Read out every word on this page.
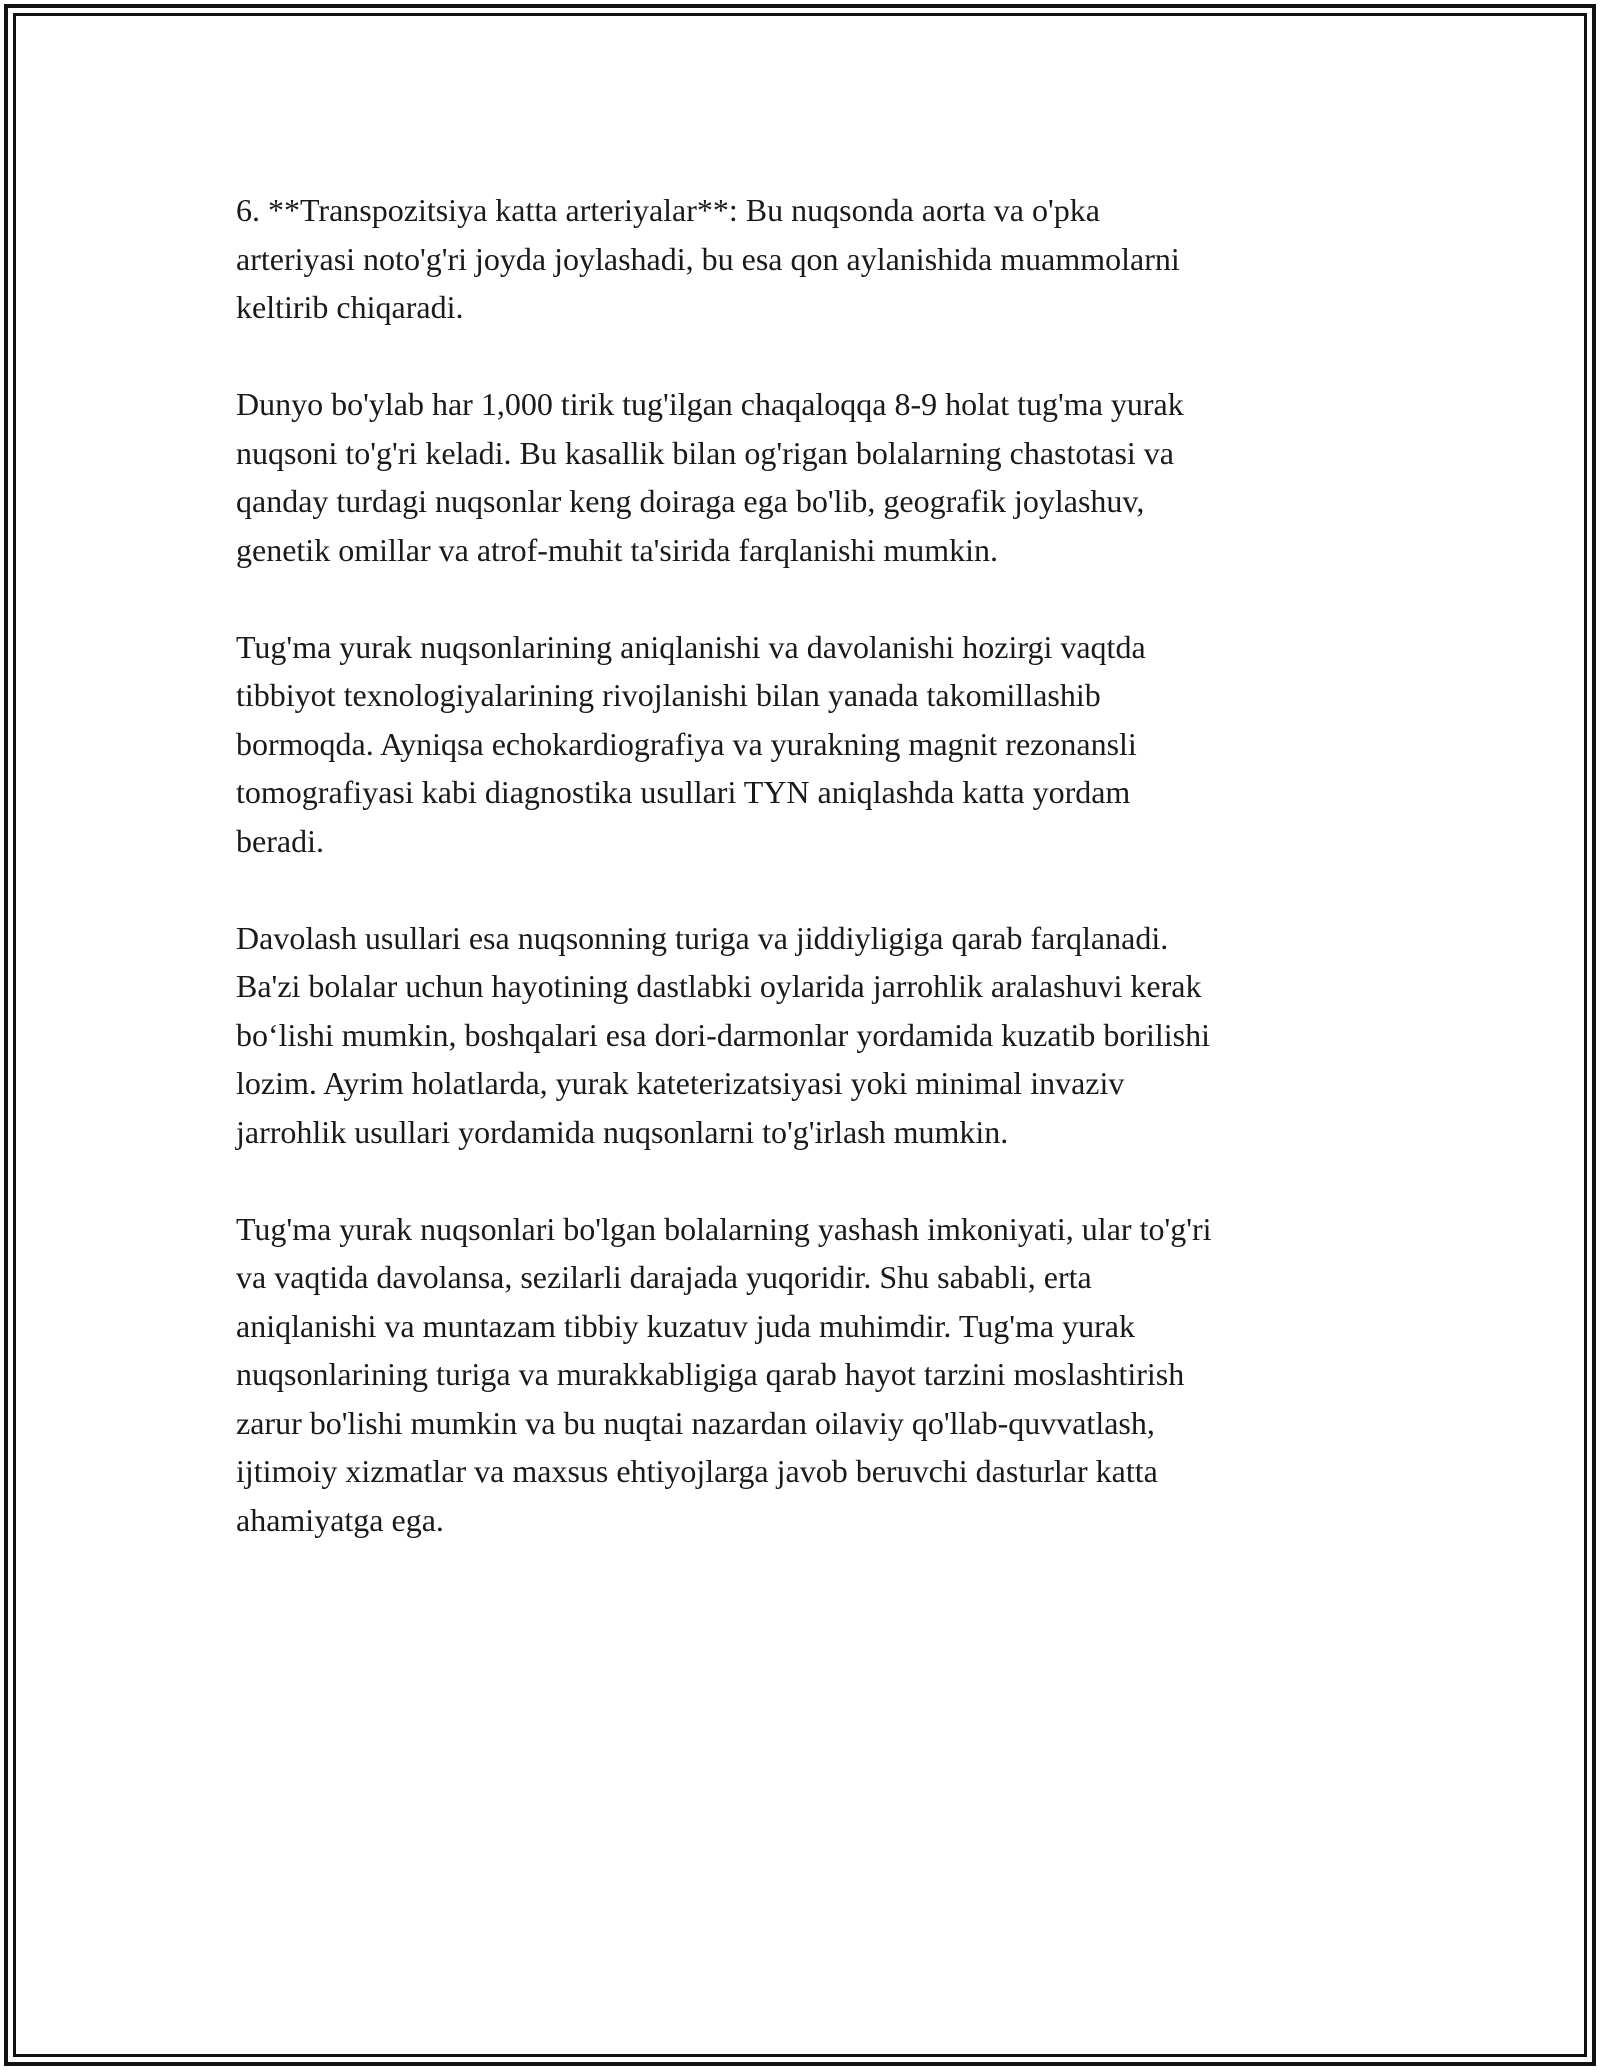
6. **Transpozitsiya katta arteriyalar**: Bu nuqsonda aorta va o'pka
arteriyasi noto'g'ri joyda joylashadi, bu esa qon aylanishida muammolarni
keltirib chiqaradi.

Dunyo bo'ylab har 1,000 tirik tug'ilgan chaqaloqqa 8-9 holat tug'ma yurak
nuqsoni to'g'ri keladi. Bu kasallik bilan og'rigan bolalarning chastotasi va
qanday turdagi nuqsonlar keng doiraga ega bo'lib, geografik joylashuv,
genetik omillar va atrof-muhit ta'sirida farqlanishi mumkin.

Tug'ma yurak nuqsonlarining aniqlanishi va davolanishi hozirgi vaqtda
tibbiyot texnologiyalarining rivojlanishi bilan yanada takomillashib
bormoqda. Ayniqsa echokardiografiya va yurakning magnit rezonansli
tomografiyasi kabi diagnostika usullari TYN aniqlashda katta yordam
beradi.

Davolash usullari esa nuqsonning turiga va jiddiyligiga qarab farqlanadi.
Ba'zi bolalar uchun hayotining dastlabki oylarida jarrohlik aralashuvi kerak
bo‘lishi mumkin, boshqalari esa dori-darmonlar yordamida kuzatib borilishi
lozim. Ayrim holatlarda, yurak kateterizatsiyasi yoki minimal invaziv
jarrohlik usullari yordamida nuqsonlarni to'g'irlash mumkin.

Tug'ma yurak nuqsonlari bo'lgan bolalarning yashash imkoniyati, ular to'g'ri
va vaqtida davolansa, sezilarli darajada yuqoridir. Shu sababli, erta
aniqlanishi va muntazam tibbiy kuzatuv juda muhimdir. Tug'ma yurak
nuqsonlarining turiga va murakkabligiga qarab hayot tarzini moslashtirish
zarur bo'lishi mumkin va bu nuqtai nazardan oilaviy qo'llab-quvvatlash,
ijtimoiy xizmatlar va maxsus ehtiyojlarga javob beruvchi dasturlar katta
ahamiyatga ega.
